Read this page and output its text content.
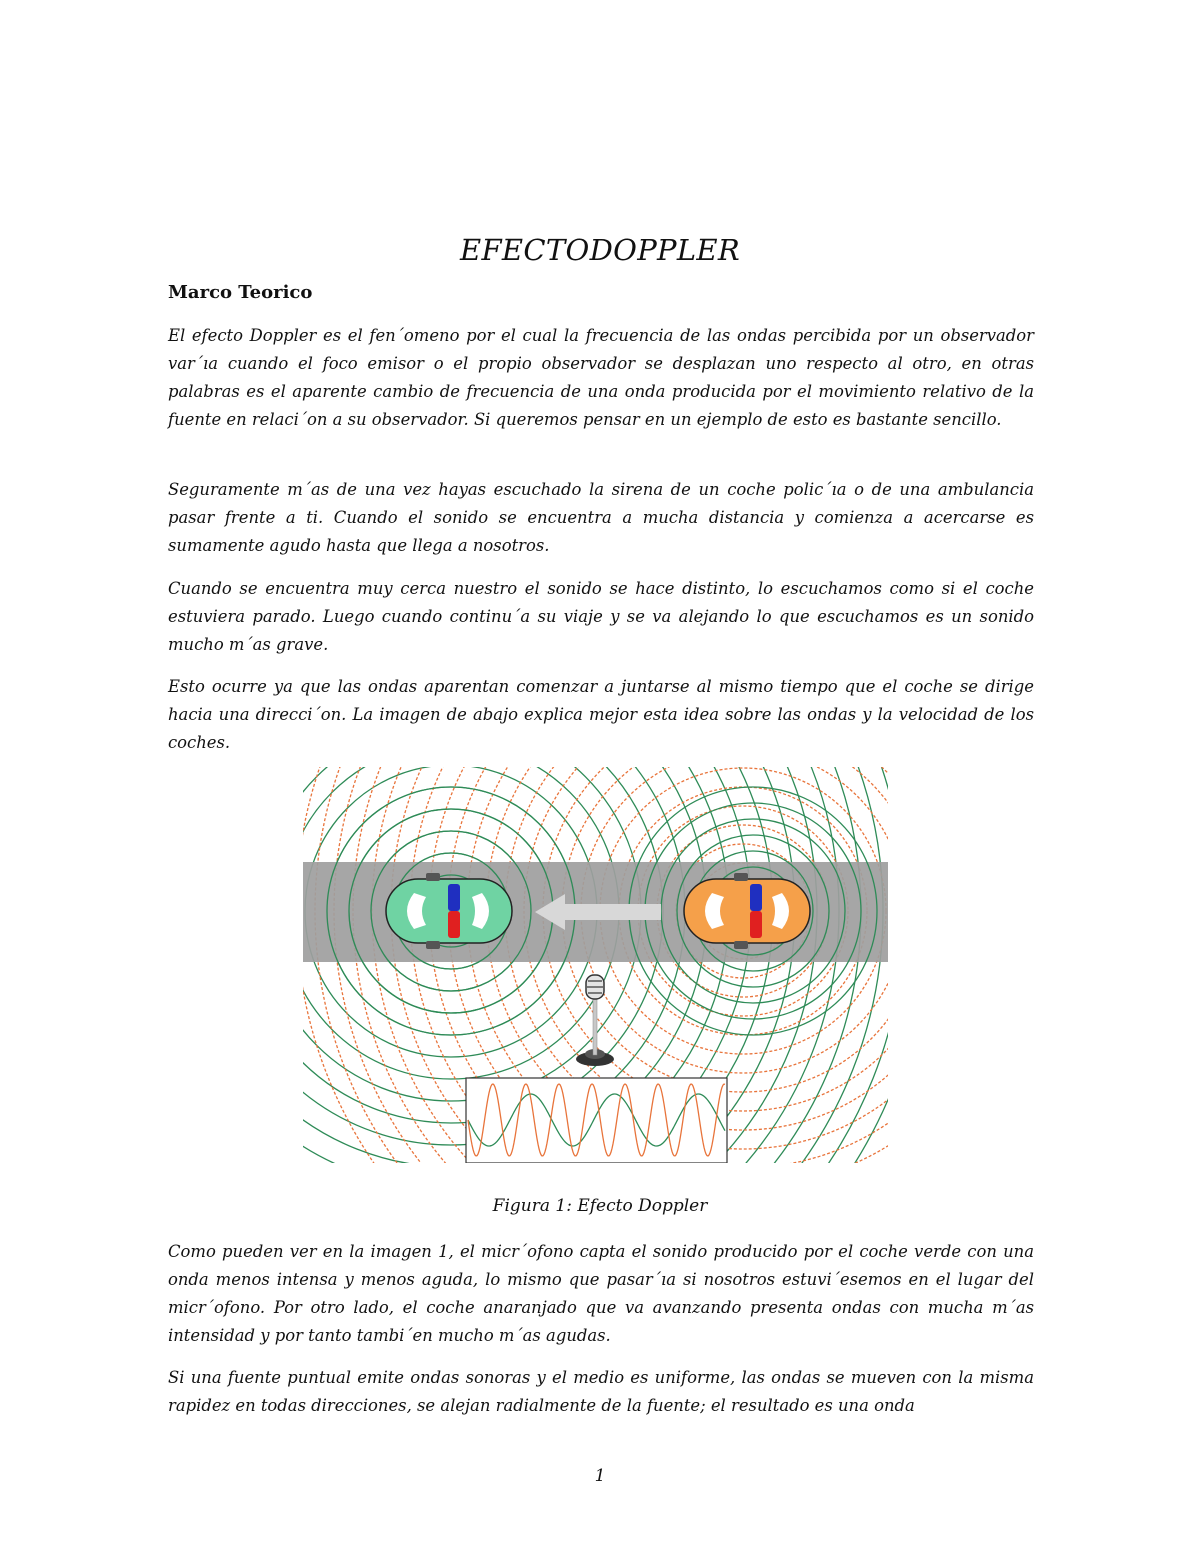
EFECTODOPPLER
Marco Teorico

El efecto Doppler es el fen´omeno por el cual la frecuencia de las ondas percibida por un observador var´ıa cuando el foco emisor o el propio observador se desplazan uno respecto al otro, en otras palabras es el aparente cambio de frecuencia de una onda producida por el movimiento relativo de la fuente en relaci´on a su observador. Si queremos pensar en un ejemplo de esto es bastante sencillo.

Seguramente m´as de una vez hayas escuchado la sirena de un coche polic´ıa o de una ambulancia pasar frente a ti. Cuando el sonido se encuentra a mucha distancia y comienza a acercarse es sumamente agudo hasta que llega a nosotros.

Cuando se encuentra muy cerca nuestro el sonido se hace distinto, lo escuchamos como si el coche estuviera parado. Luego cuando continu´a su viaje y se va alejando lo que escuchamos es un sonido mucho m´as grave.

Esto ocurre ya que las ondas aparentan comenzar a juntarse al mismo tiempo que el coche se dirige hacia una direcci´on. La imagen de abajo explica mejor esta idea sobre las ondas y la velocidad de los coches.

Figura 1: Efecto Doppler

Como pueden ver en la imagen 1, el micr´ofono capta el sonido producido por el coche verde con una onda menos intensa y menos aguda, lo mismo que pasar´ıa si nosotros estuvi´esemos en el lugar del micr´ofono. Por otro lado, el coche anaranjado que va avanzando presenta ondas con mucha m´as intensidad y por tanto tambi´en mucho m´as agudas.

Si una fuente puntual emite ondas sonoras y el medio es uniforme, las ondas se mueven con la misma rapidez en todas direcciones, se alejan radialmente de la fuente; el resultado es una onda

1
